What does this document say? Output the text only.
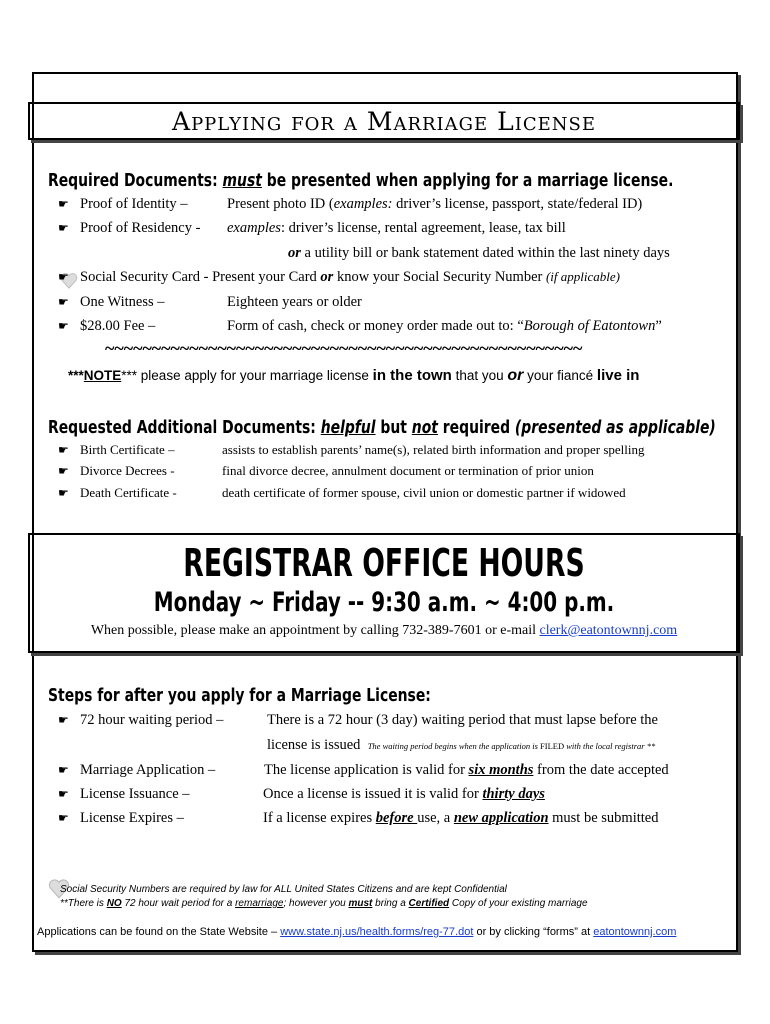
Applying for a Marriage License
Required Documents: must be presented when applying for a marriage license.
☛ Proof of Identity –	Present photo ID (examples: driver’s license, passport, state/federal ID)
☛ Proof of Residency - examples: driver’s license, rental agreement, lease, tax bill
or a utility bill or bank statement dated within the last ninety days
☛ Social Security Card - Present your Card or know your Social Security Number (if applicable)
☛ One Witness –	Eighteen years or older
☛ $28.00 Fee –	Form of cash, check or money order made out to: “Borough of Eatontown”
~~~~~~~~~~~~~~~~~~~~~~~~~~~~~~~~~~~~~~~~~~~~~~~~~~~
***NOTE*** please apply for your marriage license in the town that you or your fiancé live in
Requested Additional Documents: helpful but not required (presented as applicable)
☛ Birth Certificate –	assists to establish parents’ name(s), related birth information and proper spelling
☛ Divorce Decrees -	final divorce decree, annulment document or termination of prior union
☛ Death Certificate -	death certificate of former spouse, civil union or domestic partner if widowed
REGISTRAR OFFICE HOURS
Monday ~ Friday -- 9:30 a.m. ~ 4:00 p.m.
When possible, please make an appointment by calling 732-389-7601 or e-mail clerk@eatontownnj.com
Steps for after you apply for a Marriage License:
☛ 72 hour waiting period –	There is a 72 hour (3 day) waiting period that must lapse before the
license is issued The waiting period begins when the application is FILED with the local registrar **
☛ Marriage Application –	The license application is valid for six months from the date accepted
☛ License Issuance –	Once a license is issued it is valid for thirty days
☛ License Expires –	If a license expires before use, a new application must be submitted
Social Security Numbers are required by law for ALL United States Citizens and are kept Confidential
**There is NO 72 hour wait period for a remarriage; however you must bring a Certified Copy of your existing marriage
Applications can be found on the State Website – www.state.nj.us/health.forms/reg-77.dot or by clicking “forms” at eatontownnj.com
